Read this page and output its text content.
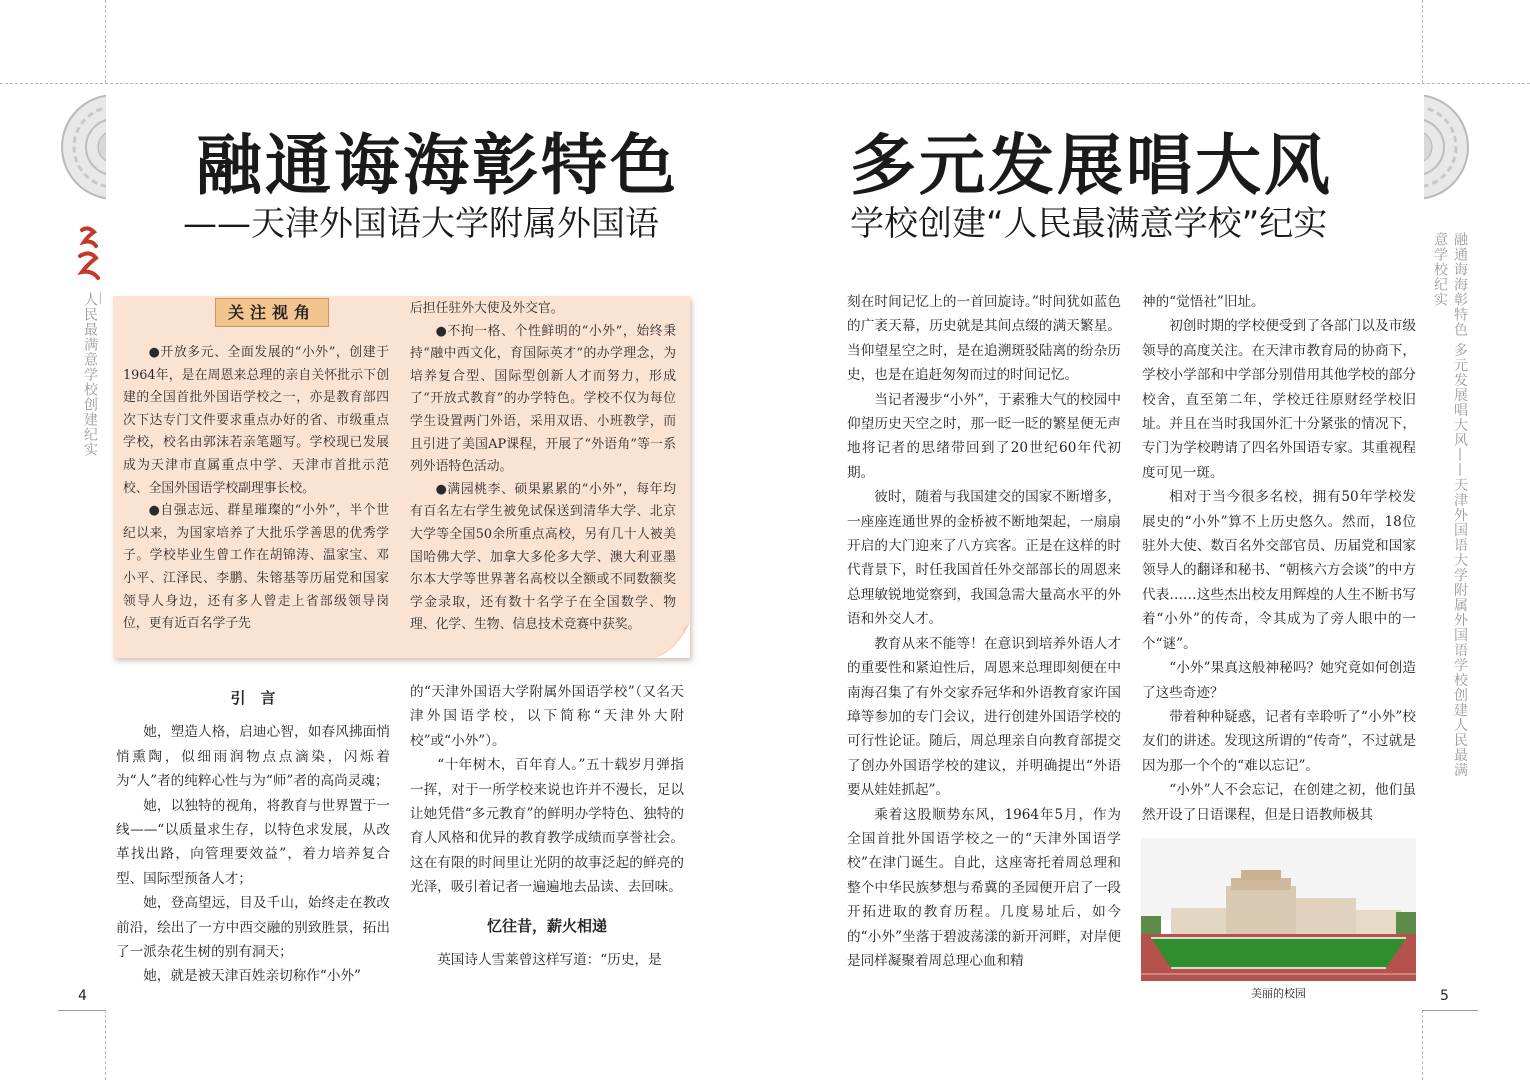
人民最满意学校创建纪实	融通诲海彰特色 多元发展唱大风——天津外国语大学附属外国语学校创建人民最满意学校纪实
融通诲海彰特色	多元发展唱大风
——天津外国语大学附属外国语	学校创建“人民最满意学校”纪实
关注视角

●开放多元、全面发展的“小外”，创建于1964年，是在周恩来总理的亲自关怀批示下创建的全国首批外国语学校之一，亦是教育部四次下达专门文件要求重点办好的省、市级重点学校，校名由郭沫若亲笔题写。学校现已发展成为天津市直属重点中学、天津市首批示范校、全国外国语学校副理事长校。

●自强志远、群星璀璨的“小外”，半个世纪以来，为国家培养了大批乐学善思的优秀学子。学校毕业生曾工作在胡锦涛、温家宝、邓小平、江泽民、李鹏、朱镕基等历届党和国家领导人身边，还有多人曾走上省部级领导岗位，更有近百名学子先

后担任驻外大使及外交官。

●不拘一格、个性鲜明的“小外”，始终秉持“融中西文化，育国际英才”的办学理念，为培养复合型、国际型创新人才而努力，形成了“开放式教育”的办学特色。学校不仅为每位学生设置两门外语，采用双语、小班教学，而且引进了美国AP课程，开展了“外语角”等一系列外语特色活动。

●满园桃李、硕果累累的“小外”，每年均有百名左右学生被免试保送到清华大学、北京大学等全国50余所重点高校，另有几十人被美国哈佛大学、加拿大多伦多大学、澳大利亚墨尔本大学等世界著名高校以全额或不同数额奖学金录取，还有数十名学子在全国数学、物理、化学、生物、信息技术竞赛中获奖。

引　言

她，塑造人格，启迪心智，如春风拂面悄悄熏陶，似细雨润物点点滴染，闪烁着为“人”者的纯粹心性与为“师”者的高尚灵魂；

她，以独特的视角，将教育与世界置于一线——“以质量求生存，以特色求发展，从改革找出路，向管理要效益”，着力培养复合型、国际型预备人才；

她，登高望远，目及千山，始终走在教改前沿，绘出了一方中西交融的别致胜景，拓出了一派杂花生树的别有洞天；

她，就是被天津百姓亲切称作“小外”

的“天津外国语大学附属外国语学校”（又名天津外国语学校，以下简称“天津外大附校”或“小外”）。

“十年树木，百年育人。”五十载岁月弹指一挥，对于一所学校来说也许并不漫长，足以让她凭借“多元教育”的鲜明办学特色、独特的育人风格和优异的教育教学成绩而享誉社会。这在有限的时间里让光阴的故事泛起的鲜亮的光泽，吸引着记者一遍遍地去品读、去回味。

忆往昔，薪火相递

英国诗人雪莱曾这样写道：“历史，是

刻在时间记忆上的一首回旋诗。”时间犹如蓝色的广袤天幕，历史就是其间点缀的满天繁星。当仰望星空之时，是在追溯斑驳陆离的纷杂历史，也是在追赶匆匆而过的时间记忆。

当记者漫步“小外”，于素雅大气的校园中仰望历史天空之时，那一眨一眨的繁星便无声地将记者的思绪带回到了20世纪60年代初期。

彼时，随着与我国建交的国家不断增多，一座座连通世界的金桥被不断地架起，一扇扇开启的大门迎来了八方宾客。正是在这样的时代背景下，时任我国首任外交部部长的周恩来总理敏锐地觉察到，我国急需大量高水平的外语和外交人才。

教育从来不能等！在意识到培养外语人才的重要性和紧迫性后，周恩来总理即刻便在中南海召集了有外交家乔冠华和外语教育家许国璋等参加的专门会议，进行创建外国语学校的可行性论证。随后，周总理亲自向教育部提交了创办外国语学校的建议，并明确提出“外语要从娃娃抓起”。

乘着这股顺势东风，1964年5月，作为全国首批外国语学校之一的“天津外国语学校”在津门诞生。自此，这座寄托着周总理和整个中华民族梦想与希冀的圣园便开启了一段开拓进取的教育历程。几度易址后，如今的“小外”坐落于碧波荡漾的新开河畔，对岸便是同样凝聚着周总理心血和精

神的“觉悟社”旧址。

初创时期的学校便受到了各部门以及市级领导的高度关注。在天津市教育局的协商下，学校小学部和中学部分别借用其他学校的部分校舍，直至第二年，学校迁往原财经学校旧址。并且在当时我国外汇十分紧张的情况下，专门为学校聘请了四名外国语专家。其重视程度可见一斑。

相对于当今很多名校，拥有50年学校发展史的“小外”算不上历史悠久。然而，18位驻外大使、数百名外交部官员、历届党和国家领导人的翻译和秘书、“朝核六方会谈”的中方代表……这些杰出校友用辉煌的人生不断书写着“小外”的传奇，令其成为了旁人眼中的一个“谜”。

“小外”果真这般神秘吗？她究竟如何创造了这些奇迹？

带着种种疑惑，记者有幸聆听了“小外”校友们的讲述。发现这所谓的“传奇”，不过就是因为那一个个的“难以忘记”。

“小外”人不会忘记，在创建之初，他们虽然开设了日语课程，但是日语教师极其

美丽的校园
4	5
